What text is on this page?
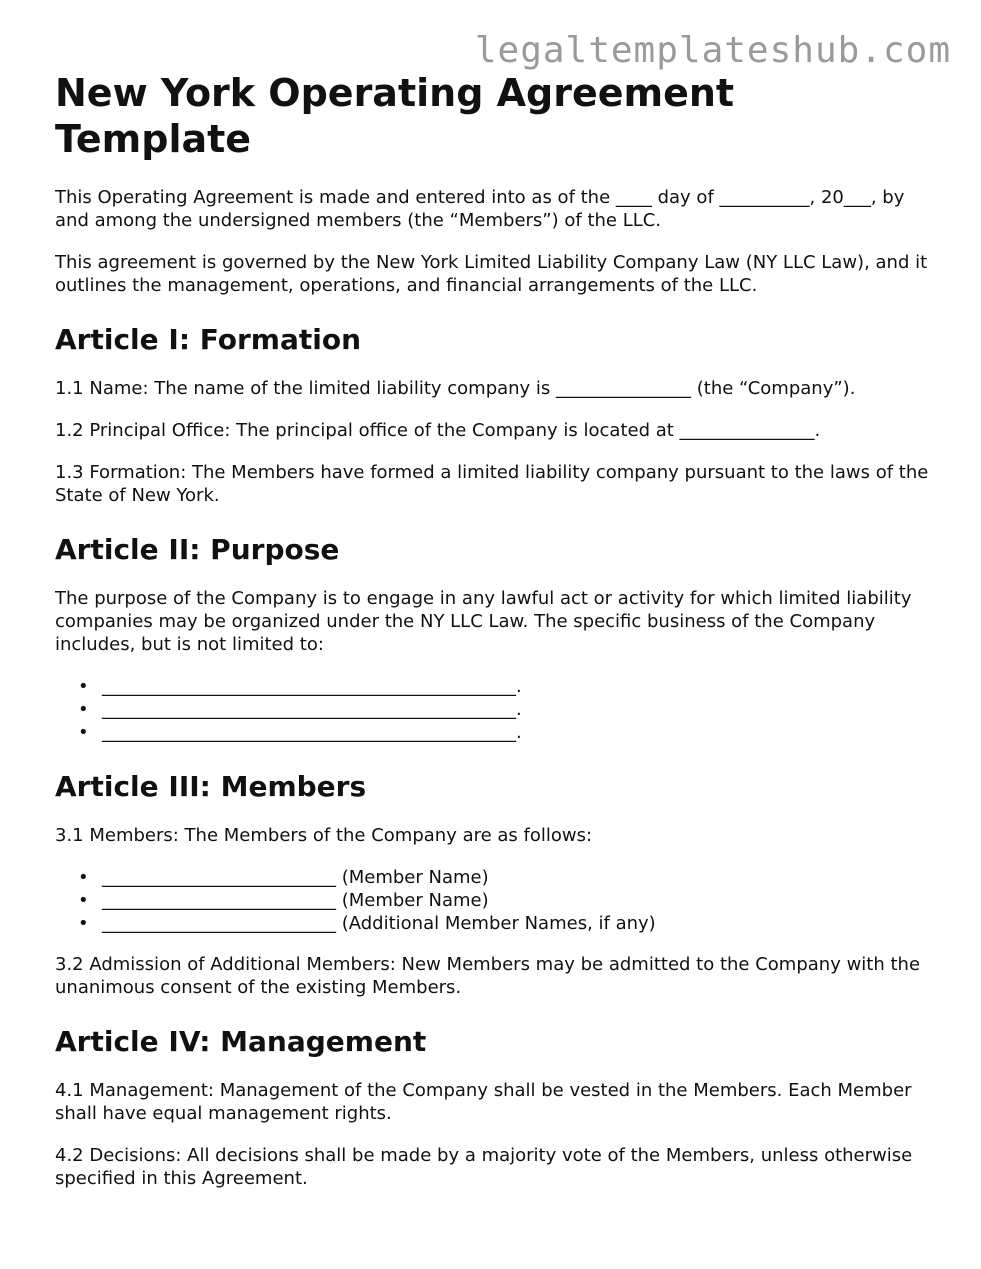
legaltemplateshub.com
New York Operating Agreement Template

This Operating Agreement is made and entered into as of the ____ day of __________, 20___, by and among the undersigned members (the “Members”) of the LLC.

This agreement is governed by the New York Limited Liability Company Law (NY LLC Law), and it outlines the management, operations, and financial arrangements of the LLC.

Article I: Formation

1.1 Name: The name of the limited liability company is _______________ (the “Company”).

1.2 Principal Office: The principal office of the Company is located at _______________.

1.3 Formation: The Members have formed a limited liability company pursuant to the laws of the State of New York.

Article II: Purpose

The purpose of the Company is to engage in any lawful act or activity for which limited liability companies may be organized under the NY LLC Law. The specific business of the Company includes, but is not limited to:

• ______________________________________________.
• ______________________________________________.
• ______________________________________________.
Article III: Members

3.1 Members: The Members of the Company are as follows:

• __________________________ (Member Name)
• __________________________ (Member Name)
• __________________________ (Additional Member Names, if any)

3.2 Admission of Additional Members: New Members may be admitted to the Company with the unanimous consent of the existing Members.

Article IV: Management

4.1 Management: Management of the Company shall be vested in the Members. Each Member shall have equal management rights.

4.2 Decisions: All decisions shall be made by a majority vote of the Members, unless otherwise specified in this Agreement.
